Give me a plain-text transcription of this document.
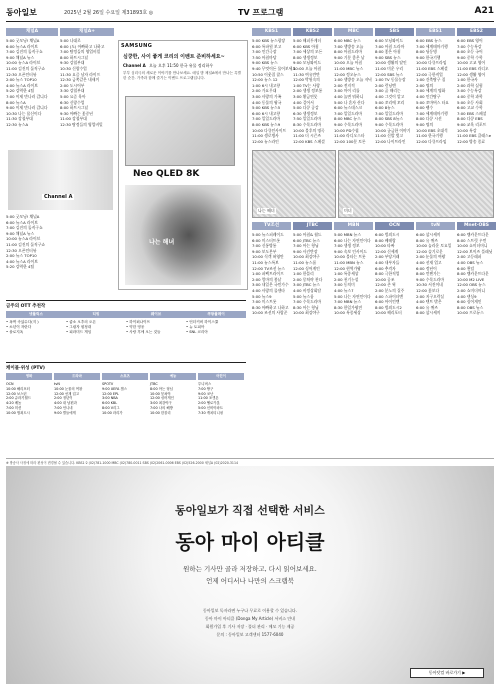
동아일보	2025년 2월 26일 수요일 제31893호 ◎	TV 프로그램	A21
채널A
5:00 굿모닝! 채널A
6:00 뉴스A 라이브
7:00 김진의 돌직구쇼
9:00 채널A 뉴스
10:00 뉴스A 라이브
11:00 김진의 돌직구쇼
12:30 오픈인터뷰
2:00 뉴스 TOP10
4:00 뉴스A 라이브
5:20 강력한 4팀
7:00 이제 만나러 갑니다
8:00 뉴스A
9:00 이제 만나러 갑니다
10:30 나는 몸신이다
11:30 강철부대
12:30 뉴스A
채널A+
5:00 나대로
6:00 (도) 아빠하고 나하고
7:00 탐정들의 영업비밀
8:00 하트시그널
9:30 강철부대
10:30 신랑수업
11:30 요즘 남자 라이프
12:30 금쪽같은 내새끼
2:00 도시어부
3:30 강철부대
5:00 요즘 육아
6:30 신랑수업
8:00 하트시그널
9:30 아빠는 꽃중년
11:00 강철부대
12:30 탐정들의 영업비밀
Channel A
5:00 굿모닝! 채널A
6:00 뉴스A 라이브
7:00 김진의 돌직구쇼
9:00 채널A 뉴스
10:00 뉴스A 라이브
11:00 김진의 돌직구쇼
12:30 오픈인터뷰
2:00 뉴스 TOP10
4:00 뉴스A 라이브
5:20 강력한 4팀
SAMSUNG
심쿵한, 사이 좋게 코리의 이벤트 준비하세요~
Channel A 오늘 오후 11:50 한국 유물 정리하우
부부 심리극의 새로운 이야기를 만나보세요. 매일 밤 채널A에서 만나는 특별한 순간. 가족과 함께 즐기는 이벤트 프로그램입니다.
Neo QLED 8K
나는 해녀
나는 해녀	미녀
KBS1
5:00 KBS 뉴스광장
6:00 특파원 보고
7:00 인간극장
7:50 아침마당
9:00 KBS 뉴스
9:40 무엇이든 물어보세요
10:50 이웃집 찰스
12:00 뉴스 12
1:00 6시 내고향
2:00 가요무대
3:00 사랑의 가족
4:00 동물의 왕국
5:00 KBS 뉴스5
6:00 6시 내고향
7:00 일일드라마
8:00 KBS 뉴스9
10:00 다큐인사이트
11:00 생로병사
12:00 뉴스라인
KBS2
5:00 해피투게더
6:00 KBS 아침
7:00 세상의 모든
8:00 생생정보
9:00 모닝와이드
10:00 오늘 아침
11:30 여유만만
12:00 박원숙의
1:00 TV는 사랑
2:00 생생 정보통
3:00 황금연못
4:00 걸어서
5:00 다큐 공감
6:30 생생정보
7:50 일일드라마
8:30 수목드라마
10:00 불후의 명곡
11:00 더 시즌즈
12:00 KBS 스페셜
MBC
6:00 MBC 뉴스
7:00 생방송 오늘
8:00 아침드라마
9:00 기분 좋은 날
10:00 오늘 아침
11:00 MBC 뉴스
12:00 정오뉴스
1:00 생방송 오늘 저녁
2:00 전지적
3:00 마이 리틀
4:00 놀면 뭐하니
5:00 나 혼자 산다
6:00 뉴스데스크
7:00 일일드라마
8:00 MBC 뉴스
9:00 수목드라마
10:00 PD수첩
11:00 라디오스타
12:00 100분 토론
SBS
6:00 모닝와이드
7:00 아침 드라마
8:00 좋은 아침
9:00 SBS 뉴스
10:00 생활의 달인
11:00 미운 우리
12:00 SBS 뉴스
1:00 TV 동물농장
2:00 런닝맨
3:00 골 때리는
4:00 그것이 알고
5:00 꼬리에 꼬리
6:00 8뉴스
7:00 일일드라마
8:00 SBS 8뉴스
9:00 수목드라마
10:00 궁금한 이야기
11:00 신발 벗고
12:00 나이트라인
EBS1
6:00 EBS 뉴스
7:00 세계테마기행
8:00 딩동댕
9:00 한국기행
10:00 다큐프라임
11:00 EBS 스페셜
12:00 극한직업
1:00 건축탐구 집
2:00 명의
3:00 세계의 명화
4:00 인간탐구
5:00 꼬마버스 타요
6:00 펭수
7:00 세계테마기행
8:00 다큐 시선
9:00 명의
10:00 EBS 초대석
11:00 한국기행
12:00 다큐프라임
EBS2
6:00 EBS 영어
7:00 수능특강
8:00 초등 국어
9:00 중학 수학
10:00 고교 영어
11:00 EBS 라디오
12:00 생활 영어
1:00 한국사
2:00 과학 실험
3:00 수능특강
4:00 중학 과학
5:00 초등 사회
6:00 고교 수학
7:00 EBS 스페셜
8:00 다큐 EBS
9:00 교육 리포트
10:00 특강
11:00 EBS 클래스e
12:00 방송 종료
TV조선
5:00 뉴스퍼레이드
6:00 미스터트롯
7:00 신통방통
9:00 보도본부
10:00 식객 허영만
11:00 뉴스특보
12:00 TV조선 뉴스
1:00 퍼펙트라이프
2:00 엄마의 봄날
3:00 내일은 국민가수
4:00 사랑의 콜센타
5:00 뉴스9
7:00 미스트롯
8:30 아빠하고 나하고
10:00 조선의 사랑꾼
JTBC
5:00 아침& 월드
6:00 JTBC 뉴스
7:00 아는 형님
9:00 사건반장
10:00 최강야구
11:00 뉴스룸
12:00 싱어게인
1:00 한블리
2:00 뭉쳐야 찬다
3:00 JTBC 뉴스
4:00 비정상회담
5:00 뉴스룸
7:00 수목드라마
8:30 아는 형님
10:00 최강야구
MBN
5:00 MBN 뉴스
6:00 나는 자연인이다
7:00 생생 정보
9:00 속보 인사이드
10:00 불타는 트롯
11:00 MBN 뉴스
12:00 현역가왕
1:00 특종세상
2:00 천기누설
3:00 동치미
4:00 뉴스7
5:00 나는 자연인이다
7:00 MBN 뉴스
8:30 한일가왕전
10:00 특종세상
OCN
6:00 범죄도시
8:00 베테랑
10:00 타짜
12:00 신세계
2:00 부당거래
4:00 내부자들
6:00 추격자
8:00 극한직업
10:00 공조
12:00 존 윅
2:00 분노의 질주
4:00 스파이더맨
6:00 아이언맨
8:00 범죄도시2
10:00 해리포터
tvN
6:00 삼시세끼
8:00 유 퀴즈
10:00 놀라운 토요일
12:00 슬기로운
2:00 눈물의 여왕
4:00 선재 업고
6:00 정년이
8:00 언젠가는
9:00 수목드라마
10:30 서진이네
12:00 꽃보다
2:00 지구오락실
4:00 텐트 밖은
6:00 유 퀴즈
8:00 삼시세끼
Mnet·OBS
6:00 엠카운트다운
8:00 스트릿 우먼
10:00 쇼미더머니
12:00 보이즈 플래닛
2:00 고등래퍼
4:00 OBS 뉴스
6:00 퀸덤
8:00 엠카운트다운
10:00 M2 LIVE
12:00 OBS 뉴스
2:00 쇼미더머니
4:00 댄싱9
6:00 싱어게인
8:00 OBS 뉴스
10:00 프로듀스
금주의 OTT 추천작
넷플릭스
• 폭싹 속았수다(지 )
• 소년이 자란다
• 솔로지옥
티빙
• 좋소 오후의 오픈
• 그림자 원정대
• 피라미드 게임
웨이브
• 하이퍼나이프
• 약한 영웅
• 사랑 후에 오는 것들
쿠팡플레이
• 언더커버 하이스쿨
• 뉴 토피아
• SNL 코리아
케이블·위성 (PTV)
영화
OCN
10:00 해리포터
12:00 보스턴
2:00 쥬라기월드
4:20 베놈
7:00 미션
10:00 범죄도시
드라마
tvN
10:00 눈물의 여왕
12:00 선재 업고
2:00 정년이
4:00 내 남편과
7:00 언니네
9:00 별들에게
스포츠
SPOTV
9:00 UEFA 챔스
12:00 EPL
3:00 NBA
6:00 KBL
8:00 V리그
10:00 라리가
예능
JTBC
8:00 아는 형님
10:00 뭉쳐야
12:00 싱어게인
3:00 최강야구
7:00 나의 해방
10:00 한블리
어린이
투니버스
7:00 짱구
9:00 코난
11:00 포켓몬
2:00 헬로카봇
5:00 신비아파트
7:30 캐치티니핑
※ 방송사 사정에 따라 편성이 변경될 수 있습니다. KBS1·2 (02)781-1000 MBC (02)780-0011 SBS (02)2061-0006 EBS (02)526-2000 채널A (02)2020-3114
동아일보가 직접 선택한 서비스
동아 마이 아티클
원하는 기사만 골라 저장하고, 다시 읽어보세요.
언제 어디서나 나만의 스크랩북
동아일보 독자라면 누구나 무료로 이용할 수 있습니다.
동아 마이 아티클 (Donga My Article) 서비스 안내
회원가입 후 기사 저장 · 폴더 관리 · 메모 기능 제공
문의 : 동아일보 고객센터 1577-6040
동아닷컴 바로가기 ▶
